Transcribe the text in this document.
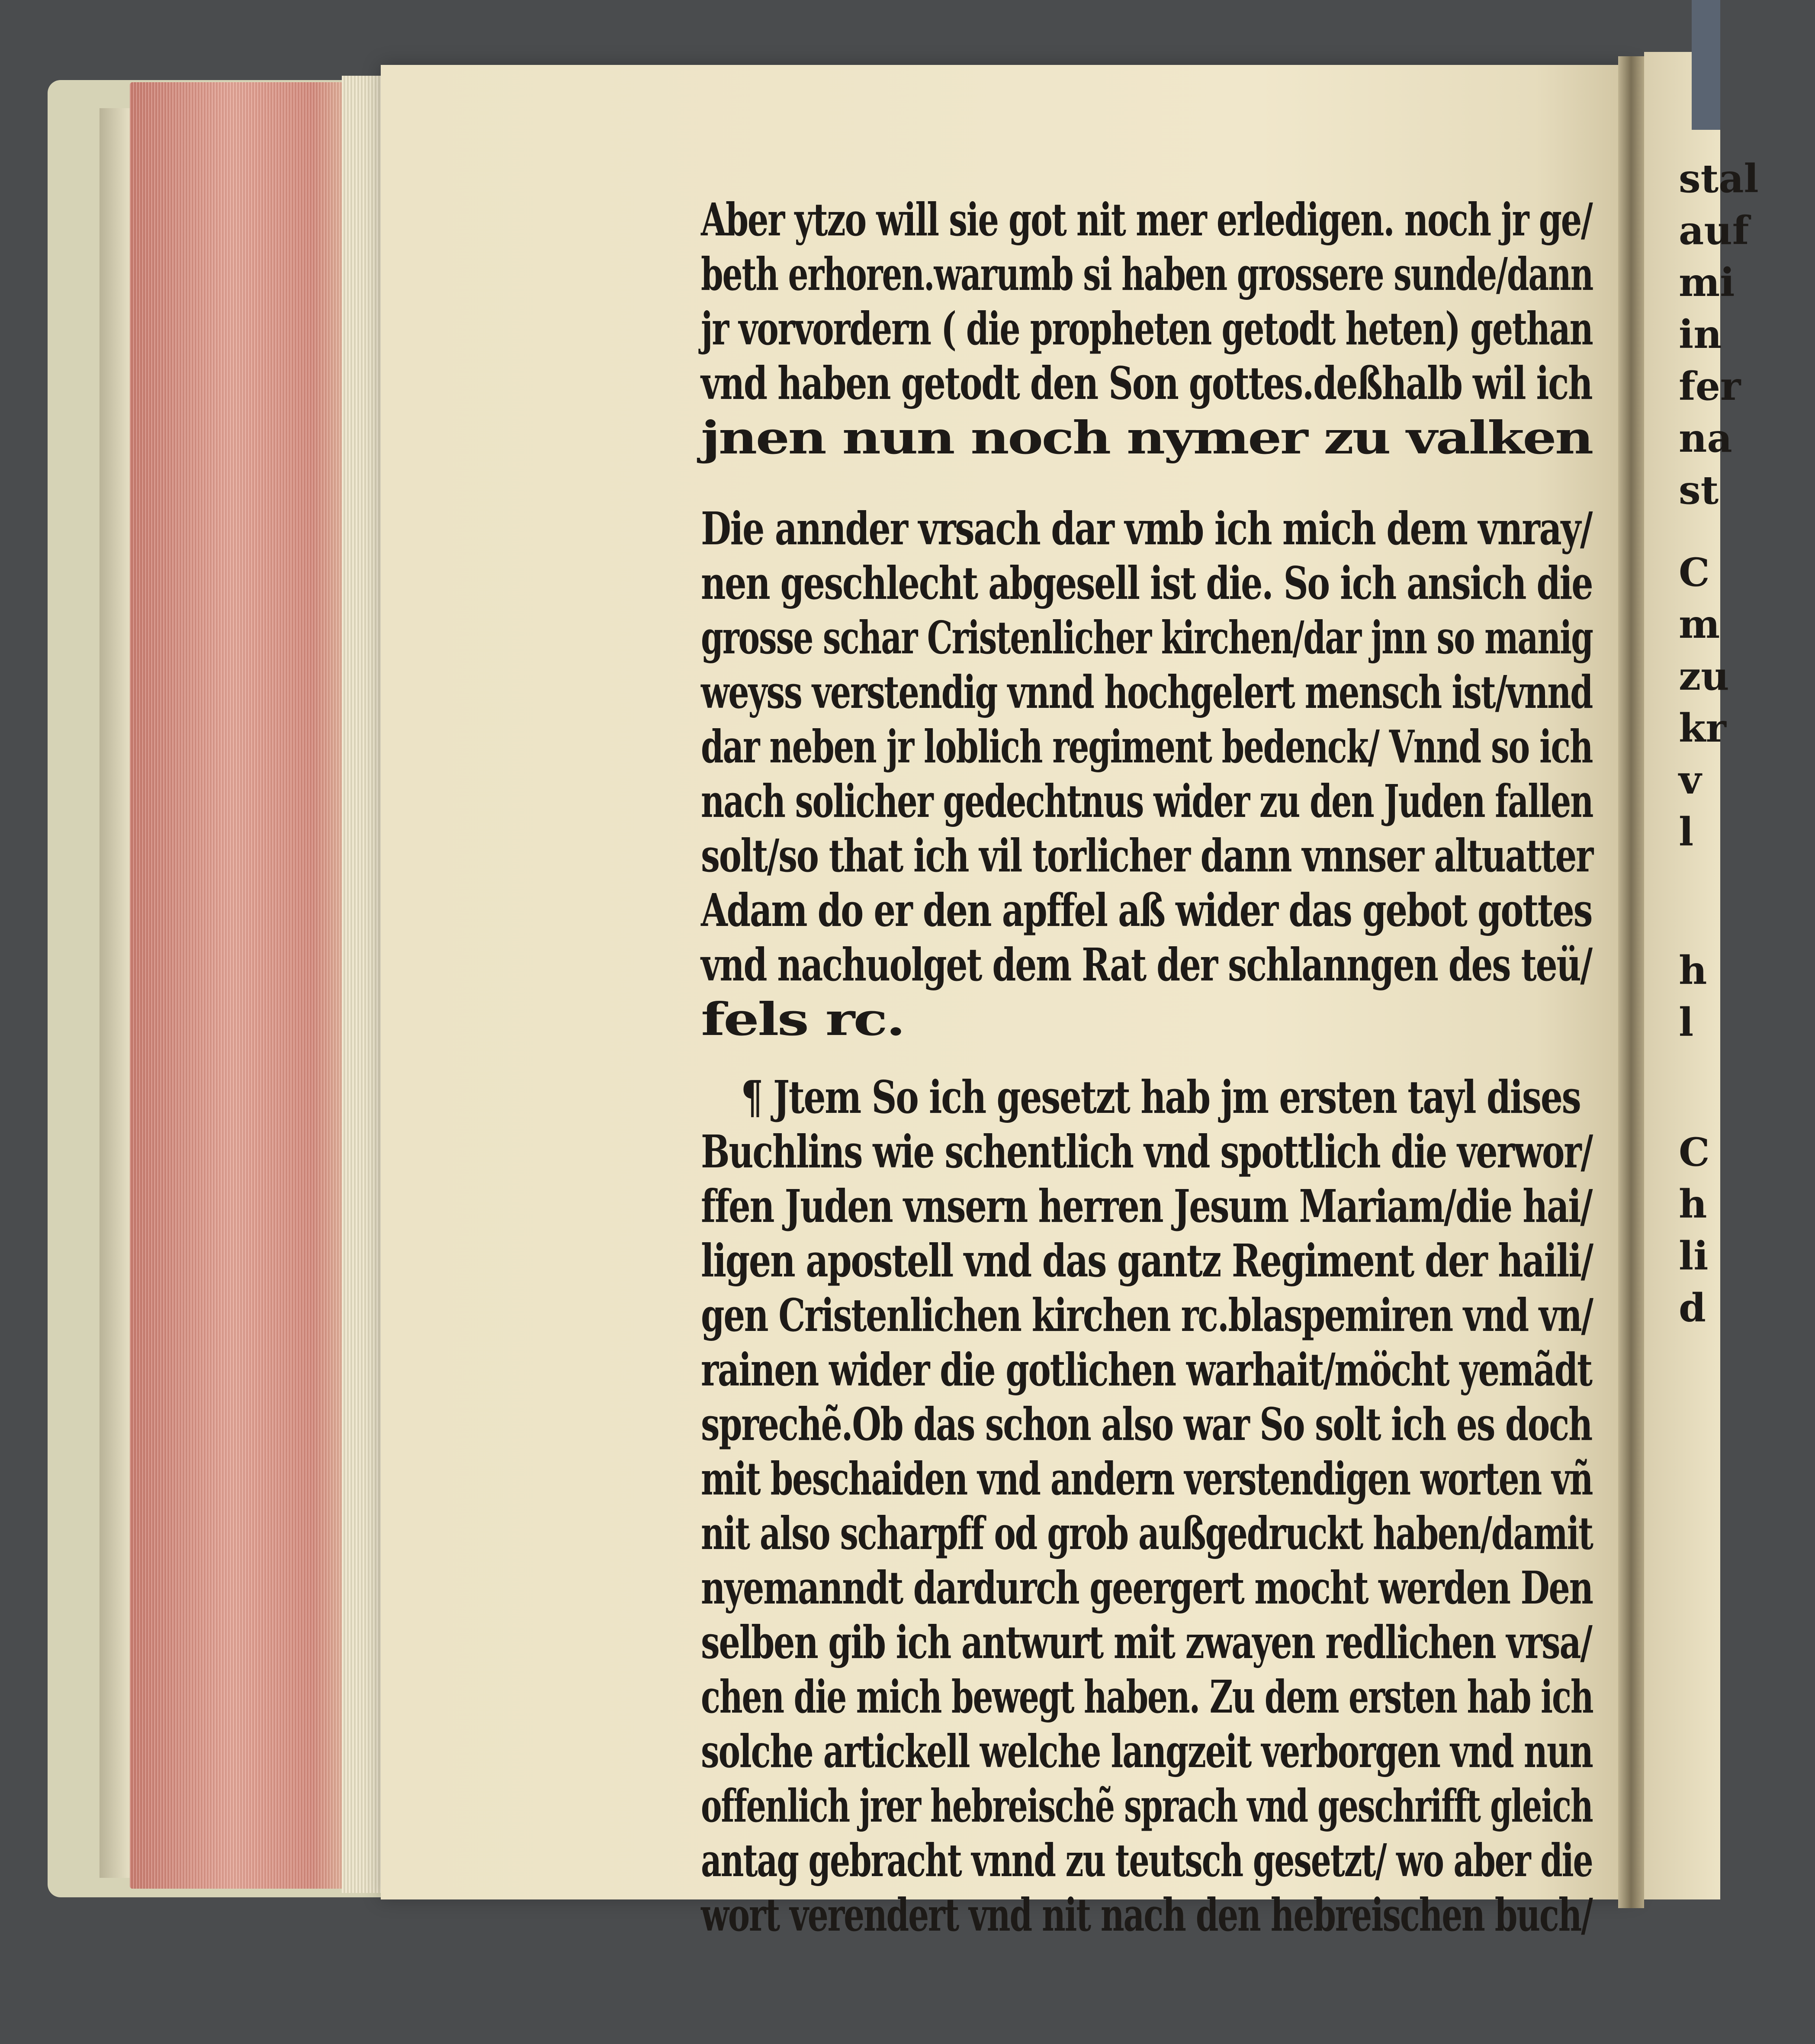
Aber ytzo will sie got nit mer erledigen. noch jr ge/
beth erhoren.warumb si haben grossere sunde/dann
jr vorvordern ( die propheten getodt heten) gethan
vnd haben getodt den Son gottes.deßhalb wil ich
jnen nun noch nymer zu valken
Die annder vrsach dar vmb ich mich dem vnray/
nen geschlecht abgesell ist die. So ich ansich die
grosse schar Cristenlicher kirchen/dar jnn so manig
weyss verstendig vnnd hochgelert mensch ist/vnnd
dar neben jr loblich regiment bedenck/ Vnnd so ich
nach solicher gedechtnus wider zu den Juden fallen
solt/so that ich vil torlicher dann vnnser altuatter
Adam do er den apffel aß wider das gebot gottes
vnd nachuolget dem Rat der schlanngen des teü/
fels rc.
¶ Jtem So ich gesetzt hab jm ersten tayl dises
Buchlins wie schentlich vnd spottlich die verwor/
ffen Juden vnsern herren Jesum Mariam/die hai/
ligen apostell vnd das gantz Regiment der haili/
gen Cristenlichen kirchen rc.blaspemiren vnd vn/
rainen wider die gotlichen warhait/möcht yemãdt
sprechẽ.Ob das schon also war So solt ich es doch
mit beschaiden vnd andern verstendigen worten vñ
nit also scharpff od grob außgedruckt haben/damit
nyemanndt dardurch geergert mocht werden Den
selben gib ich antwurt mit zwayen redlichen vrsa/
chen die mich bewegt haben. Zu dem ersten hab ich
solche artickell welche langzeit verborgen vnd nun
offenlich jrer hebreischẽ sprach vnd geschrifft gleich
antag gebracht vnnd zu teutsch gesetzt/ wo aber die
wort verendert vnd nit nach den hebreischen buch/
stal
auf
mi
in
fer
na
st
C
m
zu
kr
v
l
h
l
C
h
li
d
